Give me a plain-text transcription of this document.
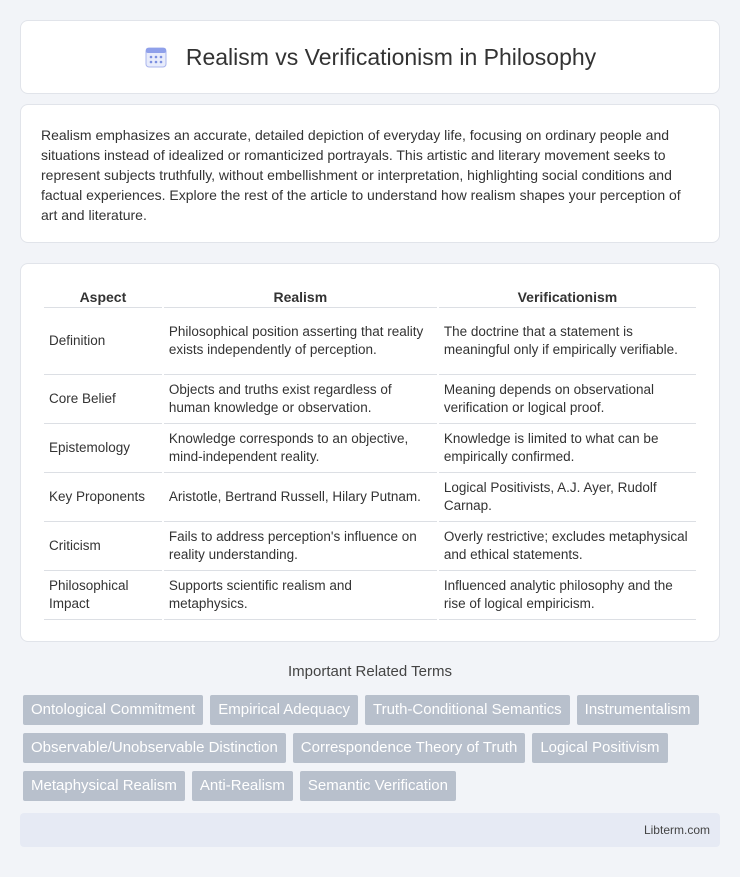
Realism vs Verificationism in Philosophy

Realism emphasizes an accurate, detailed depiction of everyday life, focusing on ordinary people and situations instead of idealized or romanticized portrayals. This artistic and literary movement seeks to represent subjects truthfully, without embellishment or interpretation, highlighting social conditions and factual experiences. Explore the rest of the article to understand how realism shapes your perception of art and literature.

Aspect	Realism	Verificationism
Definition	Philosophical position asserting that reality exists independently of perception.	The doctrine that a statement is meaningful only if empirically verifiable.
Core Belief	Objects and truths exist regardless of human knowledge or observation.	Meaning depends on observational verification or logical proof.
Epistemology	Knowledge corresponds to an objective, mind-independent reality.	Knowledge is limited to what can be empirically confirmed.
Key Proponents	Aristotle, Bertrand Russell, Hilary Putnam.	Logical Positivists, A.J. Ayer, Rudolf Carnap.
Criticism	Fails to address perception's influence on reality understanding.	Overly restrictive; excludes metaphysical and ethical statements.
Philosophical Impact	Supports scientific realism and metaphysics.	Influenced analytic philosophy and the rise of logical empiricism.
Important Related Terms
Ontological Commitment	Empirical Adequacy	Truth-Conditional Semantics	Instrumentalism
Observable/Unobservable Distinction	Correspondence Theory of Truth	Logical Positivism
Metaphysical Realism	Anti-Realism	Semantic Verification
Libterm.com
